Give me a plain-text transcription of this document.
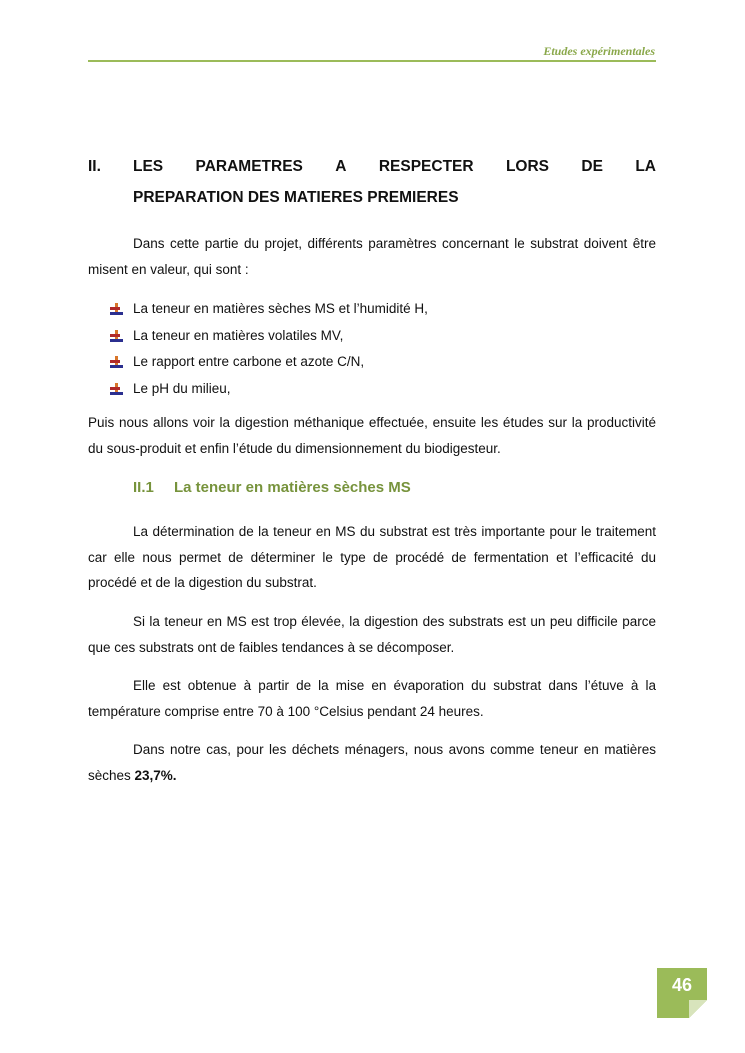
Etudes expérimentales
II.	LES PARAMETRES A RESPECTER LORS DE LA
PREPARATION DES MATIERES PREMIERES

Dans cette partie du projet, différents paramètres concernant le substrat doivent être misent en valeur, qui sont :

La teneur en matières sèches MS et l’humidité H,
La teneur en matières volatiles MV,
Le rapport entre carbone et azote C/N,
Le pH du milieu,

Puis nous allons voir la digestion méthanique effectuée, ensuite les études sur la productivité du sous-produit et enfin l’étude du dimensionnement du biodigesteur.

II.1 La teneur en matières sèches MS

La détermination de la teneur en MS du substrat est très importante pour le traitement car elle nous permet de déterminer le type de procédé de fermentation et l’efficacité du procédé et de la digestion du substrat.

Si la teneur en MS est trop élevée, la digestion des substrats est un peu difficile parce que ces substrats ont de faibles tendances à se décomposer.

Elle est obtenue à partir de la mise en évaporation du substrat dans l’étuve à la température comprise entre 70 à 100 °Celsius pendant 24 heures.

Dans notre cas, pour les déchets ménagers, nous avons comme teneur en matières sèches 23,7%.

46
